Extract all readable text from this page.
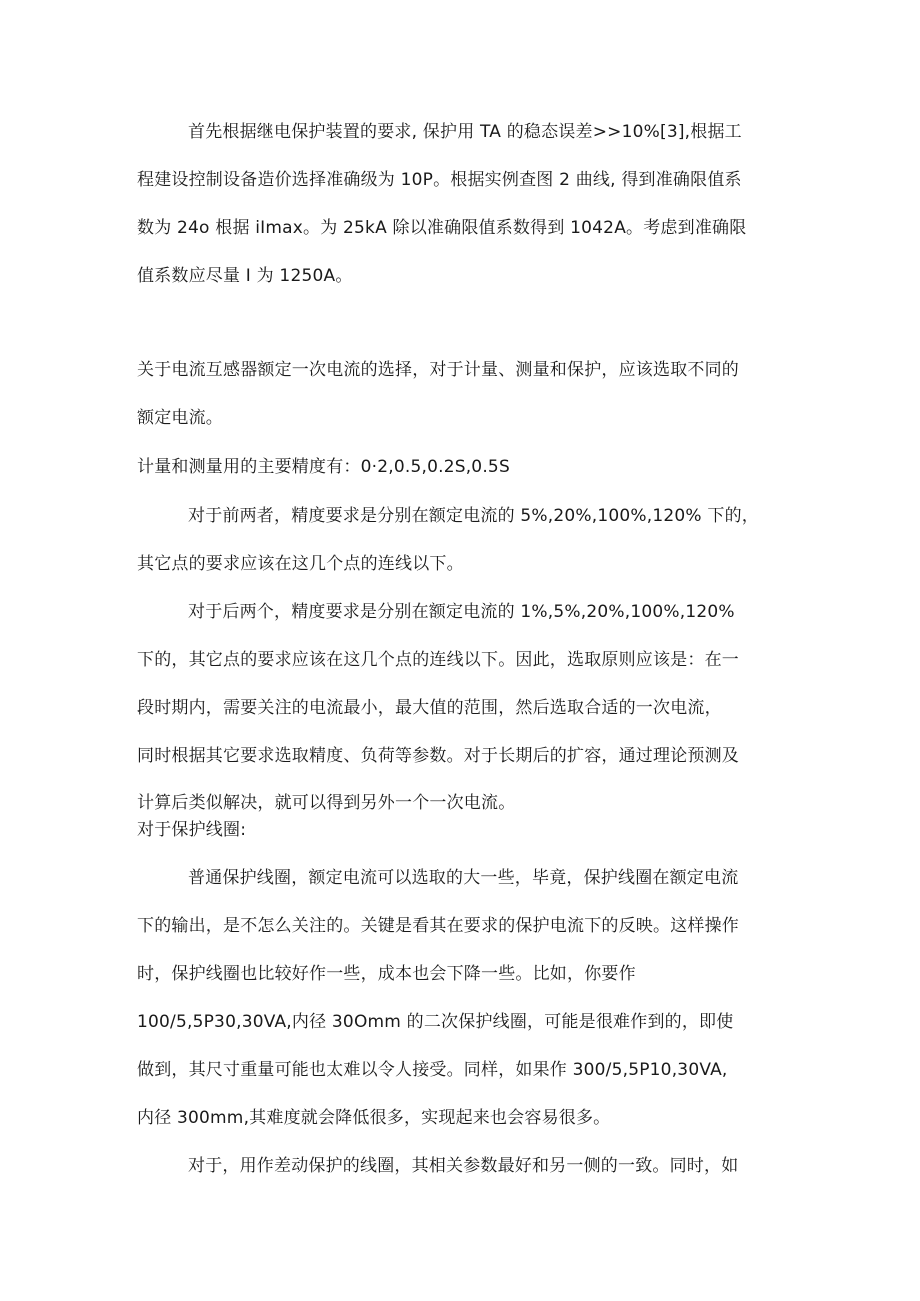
首先根据继电保护装置的要求, 保护用 TA 的稳态误差>>10%[3],根据工
程建设控制设备造价选择准确级为 10P。根据实例查图 2 曲线, 得到准确限值系
数为 24o 根据 iImax。为 25kA 除以准确限值系数得到 1042A。考虑到准确限
值系数应尽量 I 为 1250A。
关于电流互感器额定一次电流的选择，对于计量、测量和保护，应该选取不同的
额定电流。
计量和测量用的主要精度有：0·2,0.5,0.2S,0.5S
对于前两者，精度要求是分别在额定电流的 5%,20%,100%,120% 下的，
其它点的要求应该在这几个点的连线以下。
对于后两个，精度要求是分别在额定电流的 1%,5%,20%,100%,120%
下的，其它点的要求应该在这几个点的连线以下。因此，选取原则应该是：在一
段时期内，需要关注的电流最小，最大值的范围，然后选取合适的一次电流，
同时根据其它要求选取精度、负荷等参数。对于长期后的扩容，通过理论预测及
计算后类似解决，就可以得到另外一个一次电流。
对于保护线圈:
普通保护线圈，额定电流可以选取的大一些，毕竟，保护线圈在额定电流
下的输出，是不怎么关注的。关键是看其在要求的保护电流下的反映。这样操作
时，保护线圈也比较好作一些，成本也会下降一些。比如，你要作
100/5,5P30,30VA,内径 30Omm 的二次保护线圈，可能是很难作到的，即使
做到，其尺寸重量可能也太难以令人接受。同样，如果作 300/5,5P10,30VA,
内径 300mm,其难度就会降低很多，实现起来也会容易很多。
对于，用作差动保护的线圈，其相关参数最好和另一侧的一致。同时，如
